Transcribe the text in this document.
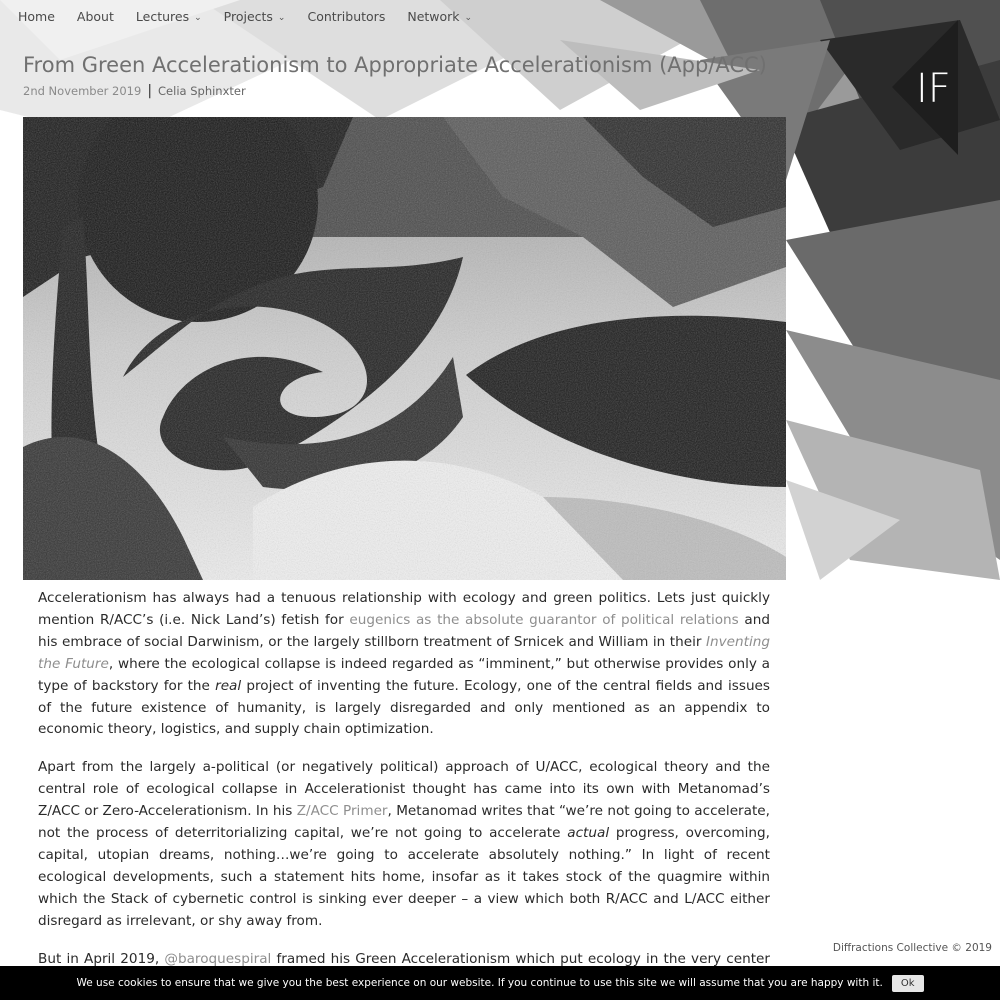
Home About Lectures ⌄ Projects ⌄ Contributors Network ⌄
IF
From Green Accelerationism to Appropriate Accelerationism (App/ACC)
2nd November 2019 | Celia Sphinxter

Accelerationism has always had a tenuous relationship with ecology and green politics. Lets just quickly mention R/ACC’s (i.e. Nick Land’s) fetish for eugenics as the absolute guarantor of political relations and his embrace of social Darwinism, or the largely stillborn treatment of Srnicek and William in their Inventing the Future, where the ecological collapse is indeed regarded as “imminent,” but otherwise provides only a type of backstory for the real project of inventing the future. Ecology, one of the central fields and issues of the future existence of humanity, is largely disregarded and only mentioned as an appendix to economic theory, logistics, and supply chain optimization.

Apart from the largely a-political (or negatively political) approach of U/ACC, ecological theory and the central role of ecological collapse in Accelerationist thought has came into its own with Metanomad’s Z/ACC or Zero-Accelerationism. In his Z/ACC Primer, Metanomad writes that “we’re not going to accelerate, not the process of deterritorializing capital, we’re not going to accelerate actual progress, overcoming, capital, utopian dreams, nothing…we’re going to accelerate absolutely nothing.” In light of recent ecological developments, such a statement hits home, insofar as it takes stock of the quagmire within which the Stack of cybernetic control is sinking ever deeper – a view which both R/ACC and L/ACC either disregard as irrelevant, or shy away from.

But in April 2019, @baroquespiral framed his Green Accelerationism which put ecology in the very center

Diffractions Collective © 2019
We use cookies to ensure that we give you the best experience on our website. If you continue to use this site we will assume that you are happy with it.	Ok
